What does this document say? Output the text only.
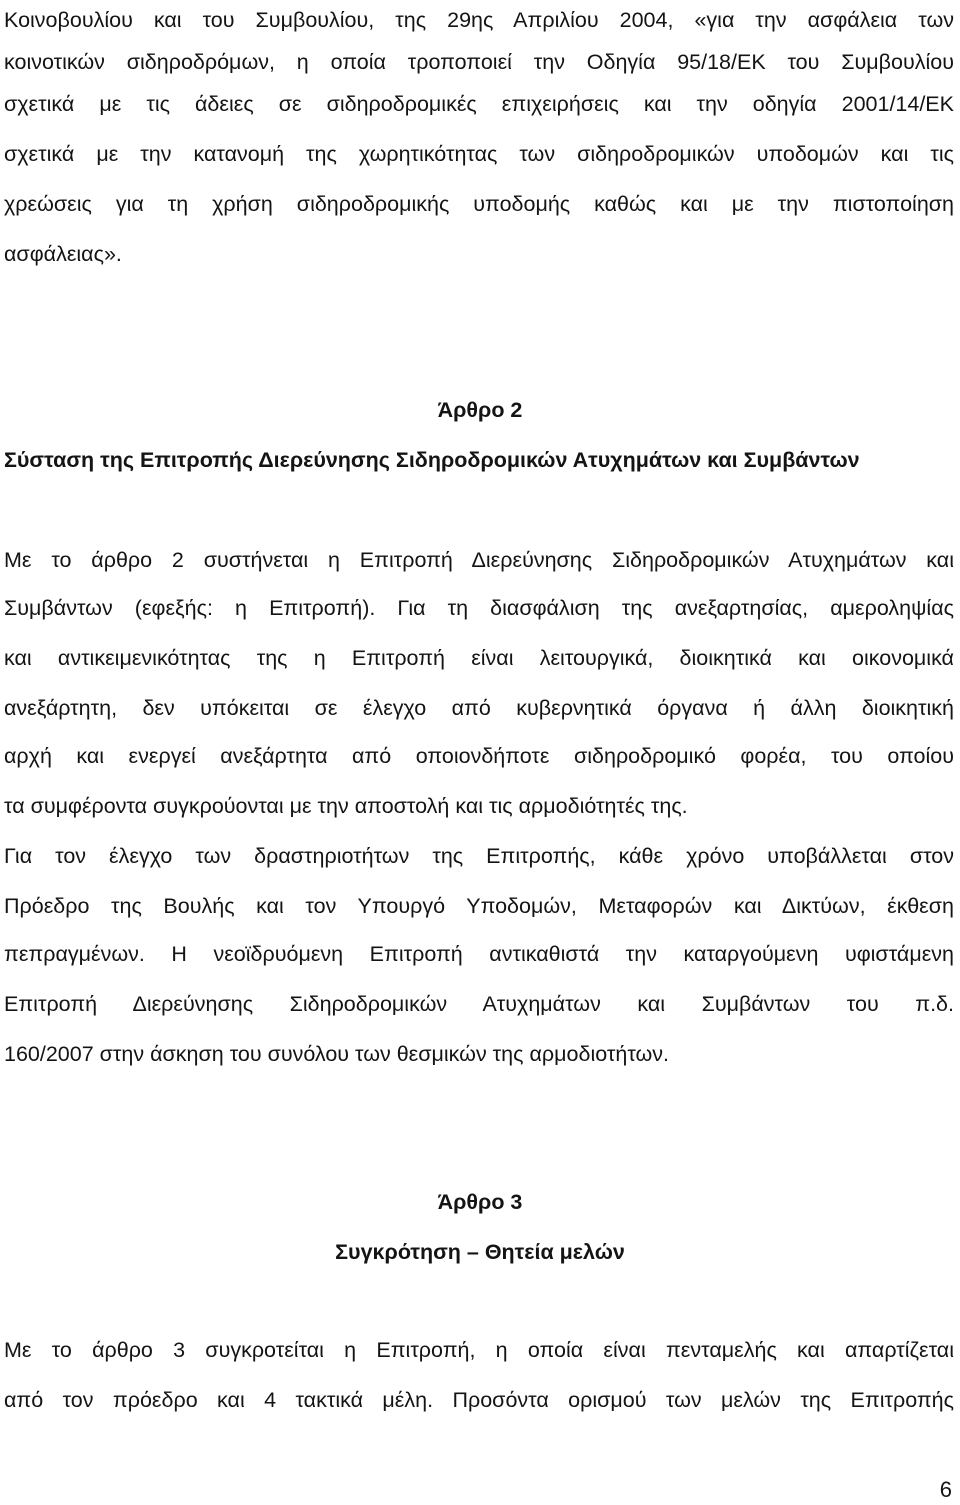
Κοινοβουλίου και του Συμβουλίου, της 29ης Απριλίου 2004, «για την ασφάλεια των
κοινοτικών σιδηροδρόμων, η οποία τροποποιεί την Οδηγία 95/18/ΕΚ του Συμβουλίου
σχετικά με τις άδειες σε σιδηροδρομικές επιχειρήσεις και την οδηγία 2001/14/ΕΚ
σχετικά με την κατανομή της χωρητικότητας των σιδηροδρομικών υποδομών και τις
χρεώσεις για τη χρήση σιδηροδρομικής υποδομής καθώς και με την πιστοποίηση
ασφάλειας».
Άρθρο 2
Σύσταση της Επιτροπής Διερεύνησης Σιδηροδρομικών Ατυχημάτων και Συμβάντων
Με το άρθρο 2 συστήνεται η Επιτροπή Διερεύνησης Σιδηροδρομικών Ατυχημάτων και
Συμβάντων (εφεξής: η Επιτροπή). Για τη διασφάλιση της ανεξαρτησίας, αμεροληψίας
και αντικειμενικότητας της η Επιτροπή είναι λειτουργικά, διοικητικά και οικονομικά
ανεξάρτητη, δεν υπόκειται σε έλεγχο από κυβερνητικά όργανα ή άλλη διοικητική
αρχή και ενεργεί ανεξάρτητα από οποιονδήποτε σιδηροδρομικό φορέα, του οποίου
τα συμφέροντα συγκρούονται με την αποστολή και τις αρμοδιότητές της.
Για τον έλεγχο των δραστηριοτήτων της Επιτροπής, κάθε χρόνο υποβάλλεται στον
Πρόεδρο της Βουλής και τον Υπουργό Υποδομών, Μεταφορών και Δικτύων, έκθεση
πεπραγμένων. Η νεοϊδρυόμενη Επιτροπή αντικαθιστά την καταργούμενη υφιστάμενη
Επιτροπή Διερεύνησης Σιδηροδρομικών Ατυχημάτων και Συμβάντων του π.δ.
160/2007 στην άσκηση του συνόλου των θεσμικών της αρμοδιοτήτων.
Άρθρο 3
Συγκρότηση – Θητεία μελών
Με το άρθρο 3 συγκροτείται η Επιτροπή, η οποία είναι πενταμελής και απαρτίζεται
από τον πρόεδρο και 4 τακτικά μέλη. Προσόντα ορισμού των μελών της Επιτροπής
6
